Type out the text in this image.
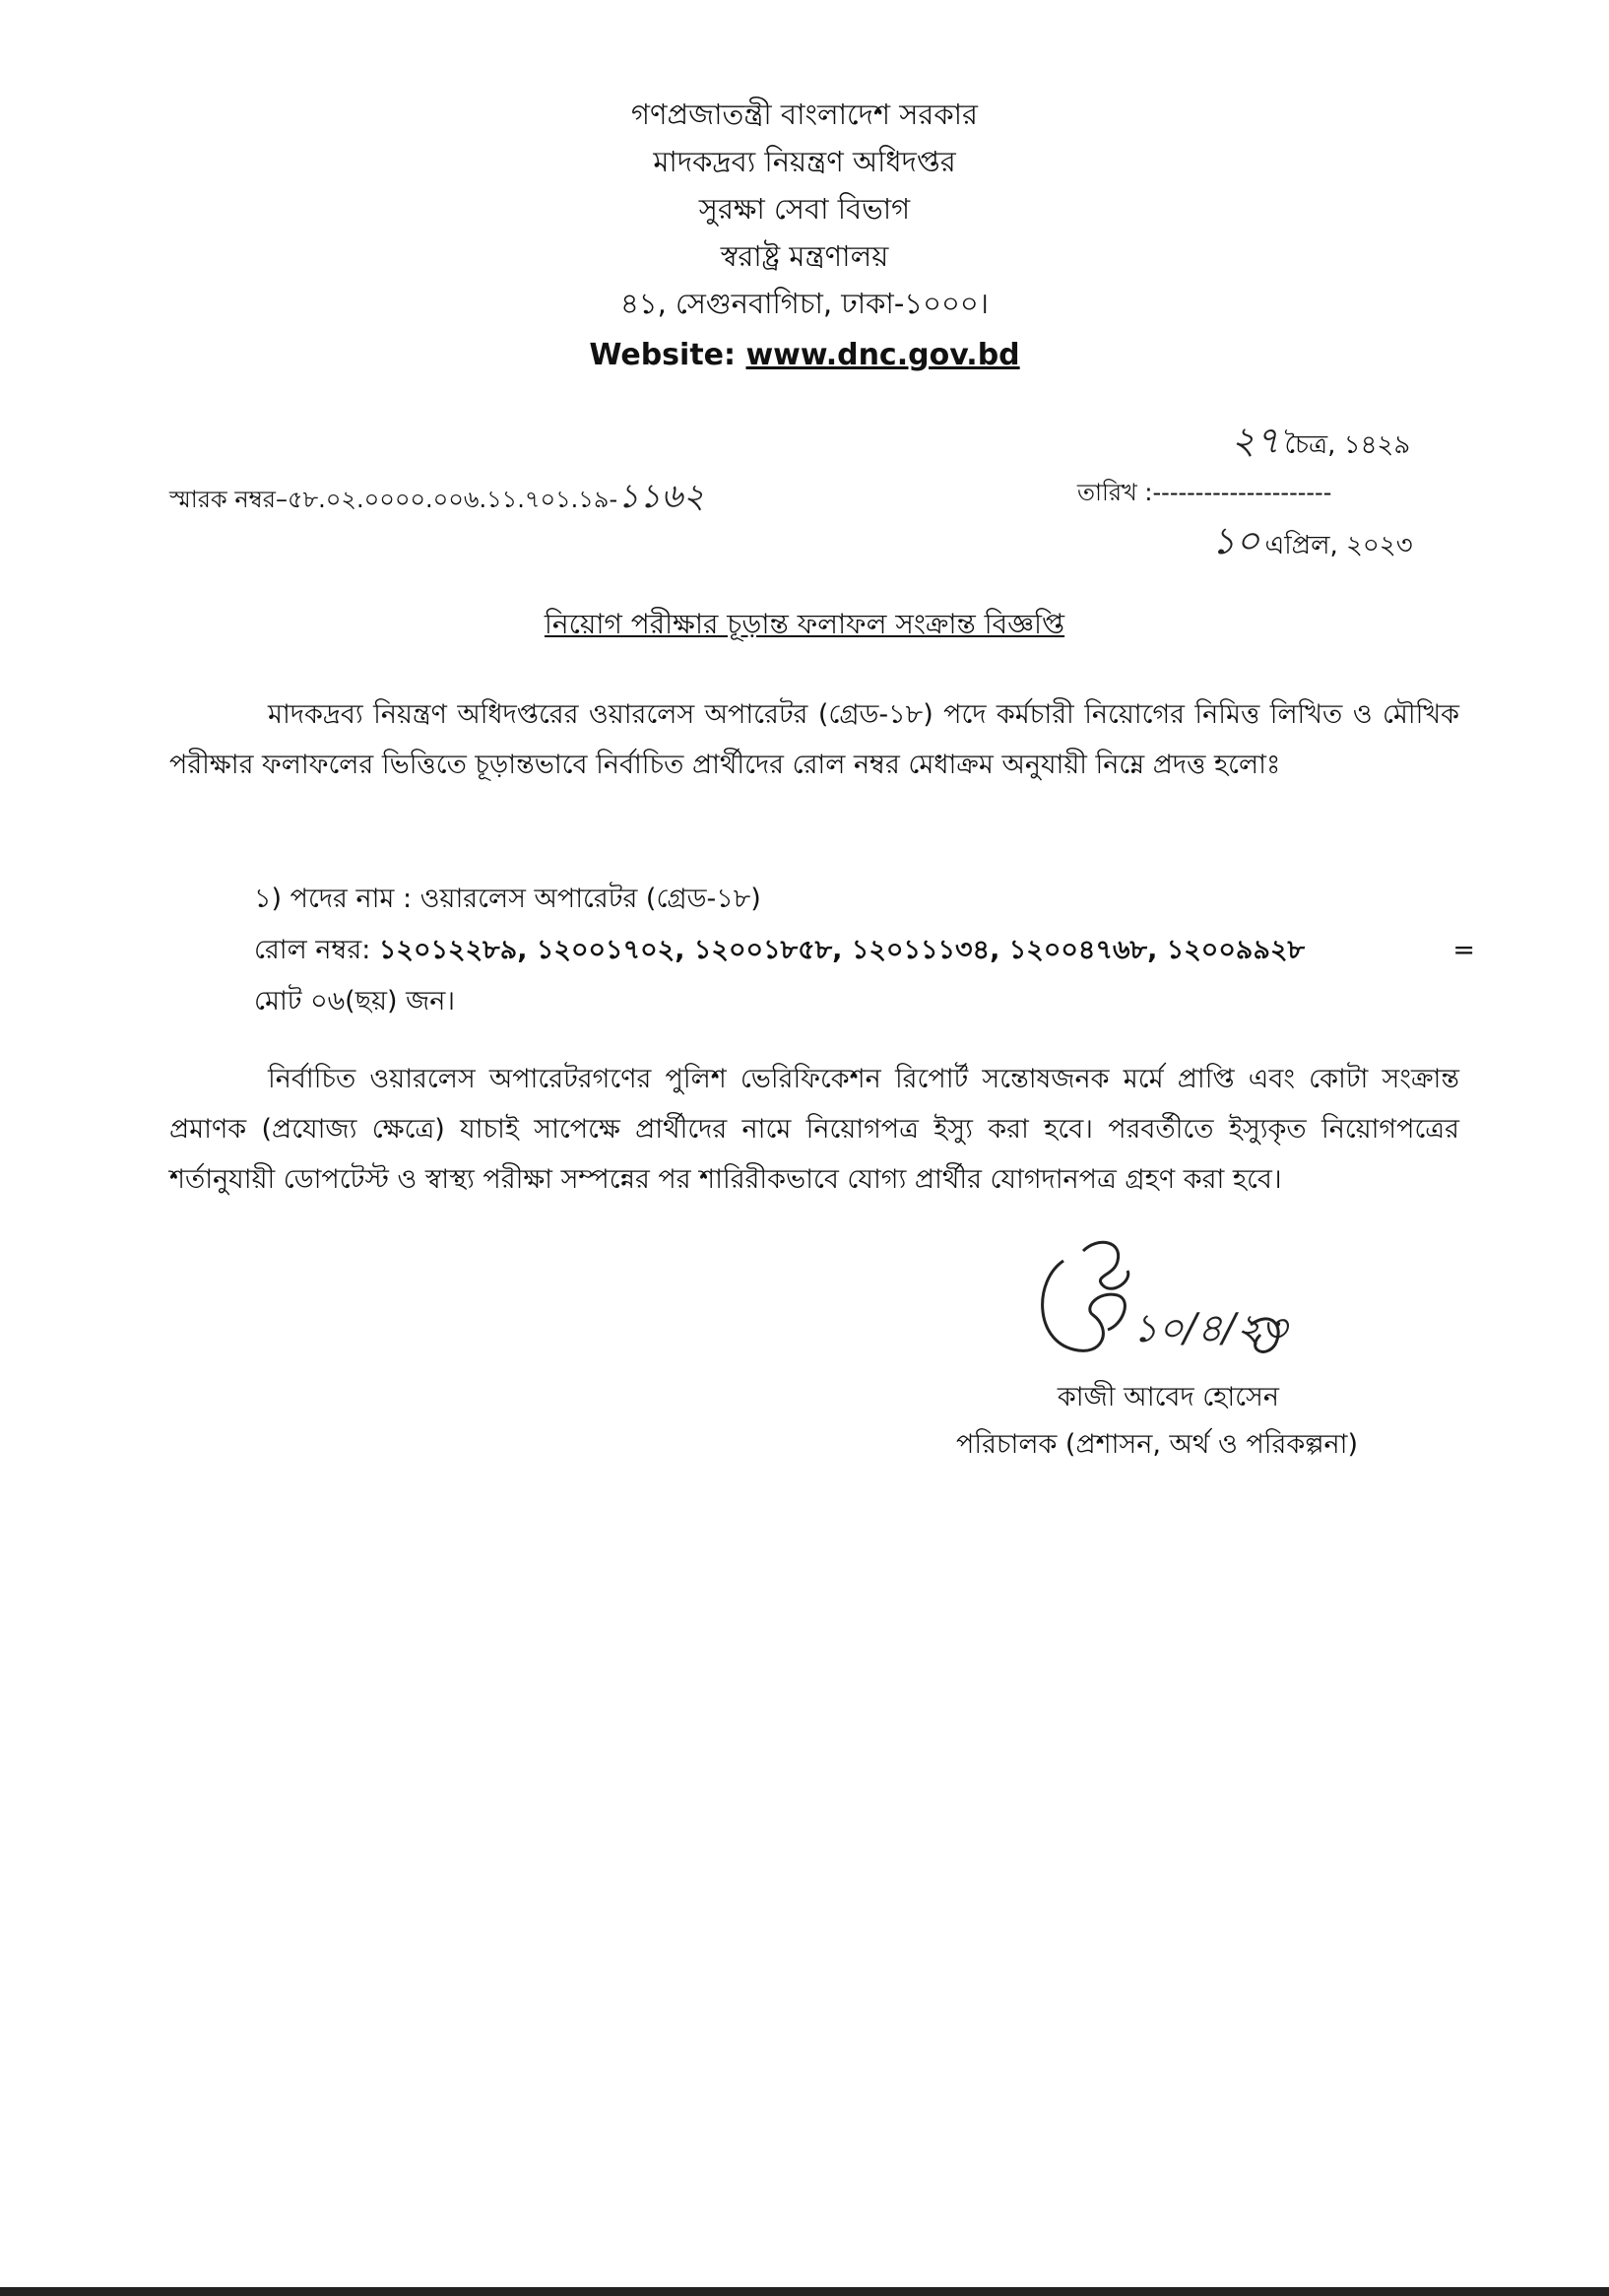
গণপ্রজাতন্ত্রী বাংলাদেশ সরকার
মাদকদ্রব্য নিয়ন্ত্রণ অধিদপ্তর
সুরক্ষা সেবা বিভাগ
স্বরাষ্ট্র মন্ত্রণালয়
৪১, সেগুনবাগিচা, ঢাকা-১০০০।
Website: www.dnc.gov.bd
স্মারক নম্বর–৫৮.০২.০০০০.০০৬.১১.৭০১.১৯-১১৬২
২৭ চৈত্র, ১৪২৯
তারিখ :---------------------
১০ এপ্রিল, ২০২৩
নিয়োগ পরীক্ষার চূড়ান্ত ফলাফল সংক্রান্ত বিজ্ঞপ্তি
মাদকদ্রব্য নিয়ন্ত্রণ অধিদপ্তরের ওয়ারলেস অপারেটর (গ্রেড-১৮) পদে কর্মচারী নিয়োগের নিমিত্ত লিখিত ও মৌখিক পরীক্ষার ফলাফলের ভিত্তিতে চূড়ান্তভাবে নির্বাচিত প্রার্থীদের রোল নম্বর মেধাক্রম অনুযায়ী নিম্নে প্রদত্ত হলোঃ
১) পদের নাম : ওয়ারলেস অপারেটর (গ্রেড-১৮)
রোল নম্বর: ১২০১২২৮৯, ১২০০১৭০২, ১২০০১৮৫৮, ১২০১১১৩৪, ১২০০৪৭৬৮, ১২০০৯৯২৮	=
মোট ০৬(ছয়) জন।
নির্বাচিত ওয়ারলেস অপারেটরগণের পুলিশ ভেরিফিকেশন রিপোর্ট সন্তোষজনক মর্মে প্রাপ্তি এবং কোটা সংক্রান্ত প্রমাণক (প্রযোজ্য ক্ষেত্রে) যাচাই সাপেক্ষে প্রার্থীদের নামে নিয়োগপত্র ইস্যু করা হবে। পরবর্তীতে ইস্যুকৃত নিয়োগপত্রের শর্তানুযায়ী ডোপটেস্ট ও স্বাস্থ্য পরীক্ষা সম্পন্নের পর শারিরীকভাবে যোগ্য প্রার্থীর যোগদানপত্র গ্রহণ করা হবে।
১০/৪/২৩
কাজী আবেদ হোসেন
পরিচালক (প্রশাসন, অর্থ ও পরিকল্পনা)
